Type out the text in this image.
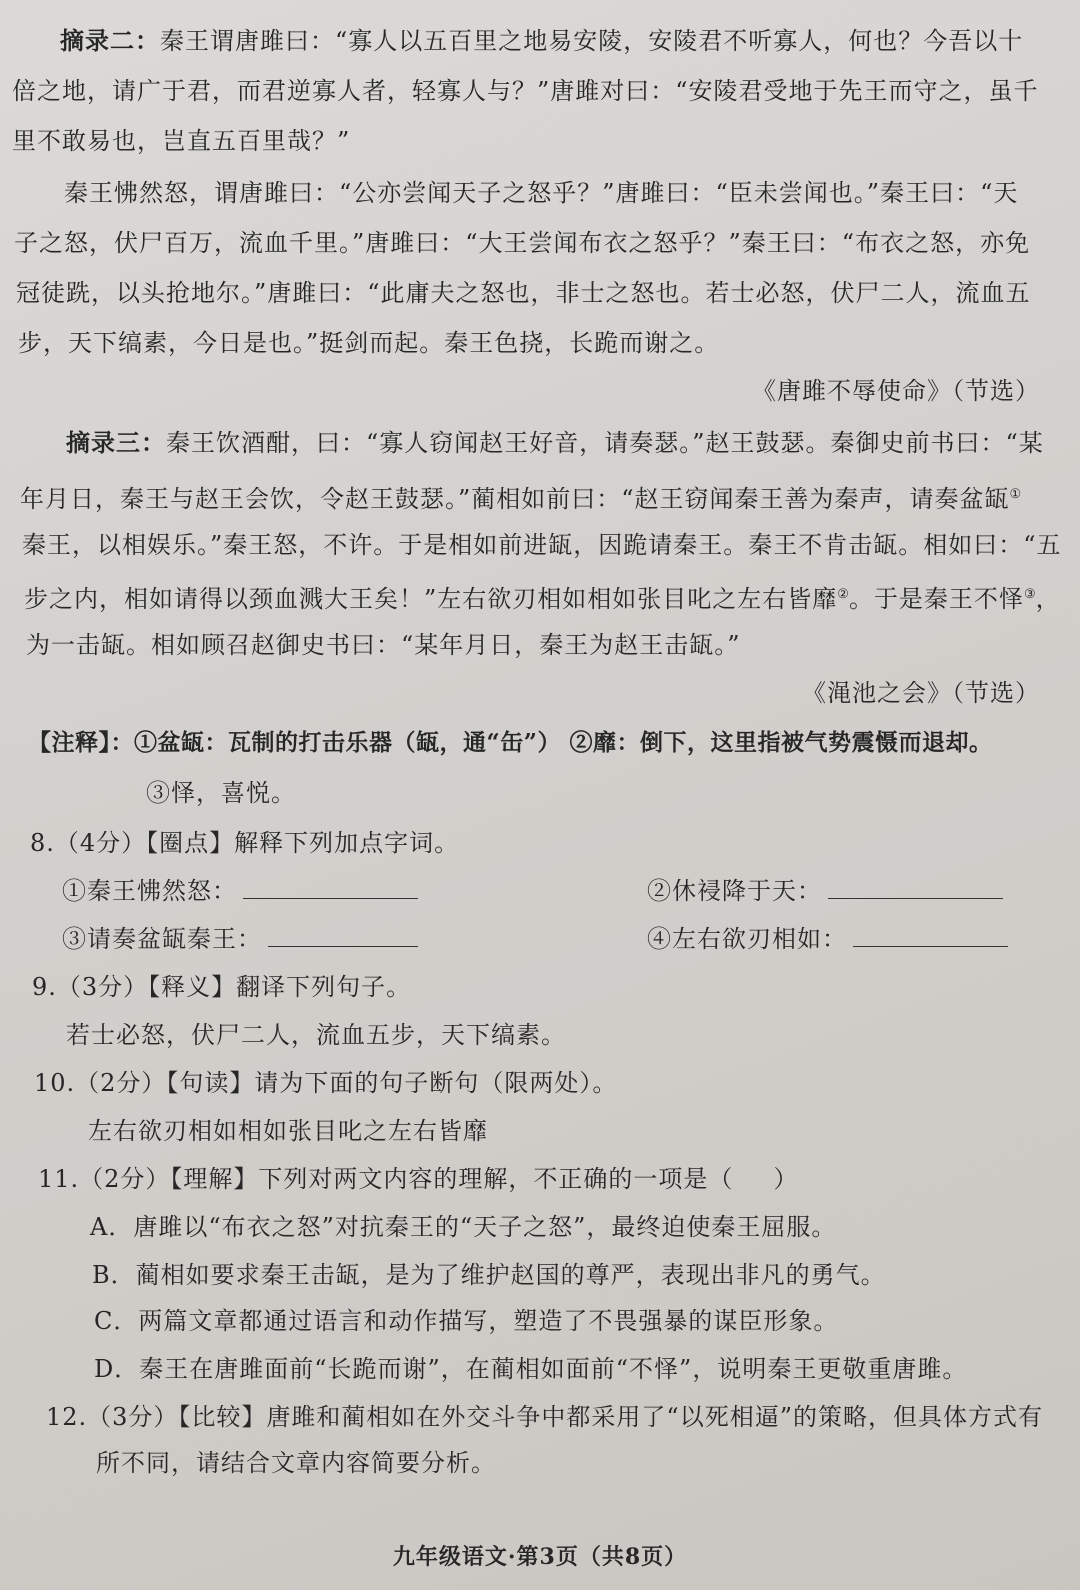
摘录二：秦王谓唐雎曰：“寡人以五百里之地易安陵，安陵君不听寡人，何也？今吾以十
倍之地，请广于君，而君逆寡人者，轻寡人与？”唐雎对曰：“安陵君受地于先王而守之，虽千
里不敢易也，岂直五百里哉？”
秦王怫然怒，谓唐雎曰：“公亦尝闻天子之怒乎？”唐雎曰：“臣未尝闻也。”秦王曰：“天
子之怒，伏尸百万，流血千里。”唐雎曰：“大王尝闻布衣之怒乎？”秦王曰：“布衣之怒，亦免
冠徒跣，以头抢地尔。”唐雎曰：“此庸夫之怒也，非士之怒也。若士必怒，伏尸二人，流血五
步，天下缟素，今日是也。”挺剑而起。秦王色挠，长跪而谢之。
《唐雎不辱使命》（节选）
摘录三：秦王饮酒酣，曰：“寡人窃闻赵王好音，请奏瑟。”赵王鼓瑟。秦御史前书曰：“某
年月日，秦王与赵王会饮，令赵王鼓瑟。”蔺相如前曰：“赵王窃闻秦王善为秦声，请奏盆缻①
秦王，以相娱乐。”秦王怒，不许。于是相如前进缻，因跪请秦王。秦王不肯击缻。相如曰：“五
步之内，相如请得以颈血溅大王矣！”左右欲刃相如相如张目叱之左右皆靡②。于是秦王不怿③，
为一击缻。相如顾召赵御史书曰：“某年月日，秦王为赵王击缻。”
《渑池之会》（节选）
【注释】：①盆缻：瓦制的打击乐器（缻，通“缶”） ②靡：倒下，这里指被气势震慑而退却。
③怿，喜悦。
8.（4分）【圈点】解释下列加点字词。
①秦王怫然怒：	②休祲降于天：
③请奏盆缻秦王：	④左右欲刃相如：
9.（3分）【释义】翻译下列句子。
若士必怒，伏尸二人，流血五步，天下缟素。
10.（2分）【句读】请为下面的句子断句（限两处）。
左右欲刃相如相如张目叱之左右皆靡
11.（2分）【理解】下列对两文内容的理解，不正确的一项是（ ）
A．唐雎以“布衣之怒”对抗秦王的“天子之怒”，最终迫使秦王屈服。
B．蔺相如要求秦王击缻，是为了维护赵国的尊严，表现出非凡的勇气。
C．两篇文章都通过语言和动作描写，塑造了不畏强暴的谋臣形象。
D．秦王在唐雎面前“长跪而谢”，在蔺相如面前“不怿”，说明秦王更敬重唐雎。
12.（3分）【比较】唐雎和蔺相如在外交斗争中都采用了“以死相逼”的策略，但具体方式有
所不同，请结合文章内容简要分析。
九年级语文·第3页（共8页）
